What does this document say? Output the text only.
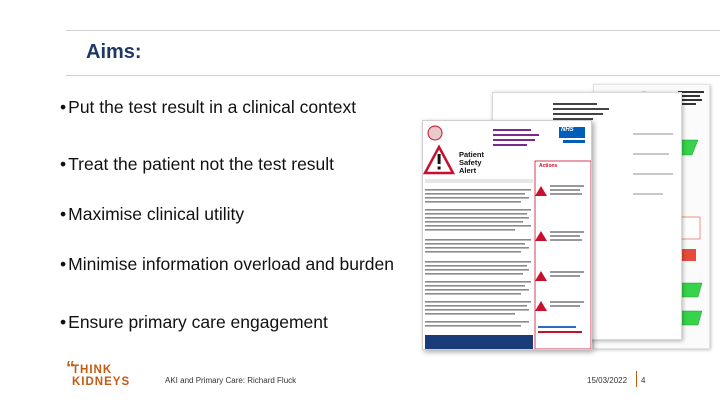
Aims:
• Put the test result in a clinical context
• Treat the patient not the test result
• Maximise clinical utility
• Minimise information overload and burden
• Ensure primary care engagement
Patient
Safety
Alert
NHS
Actions
“
THINK
KIDNEYS	AKI and Primary Care: Richard Fluck	15/03/2022 4
